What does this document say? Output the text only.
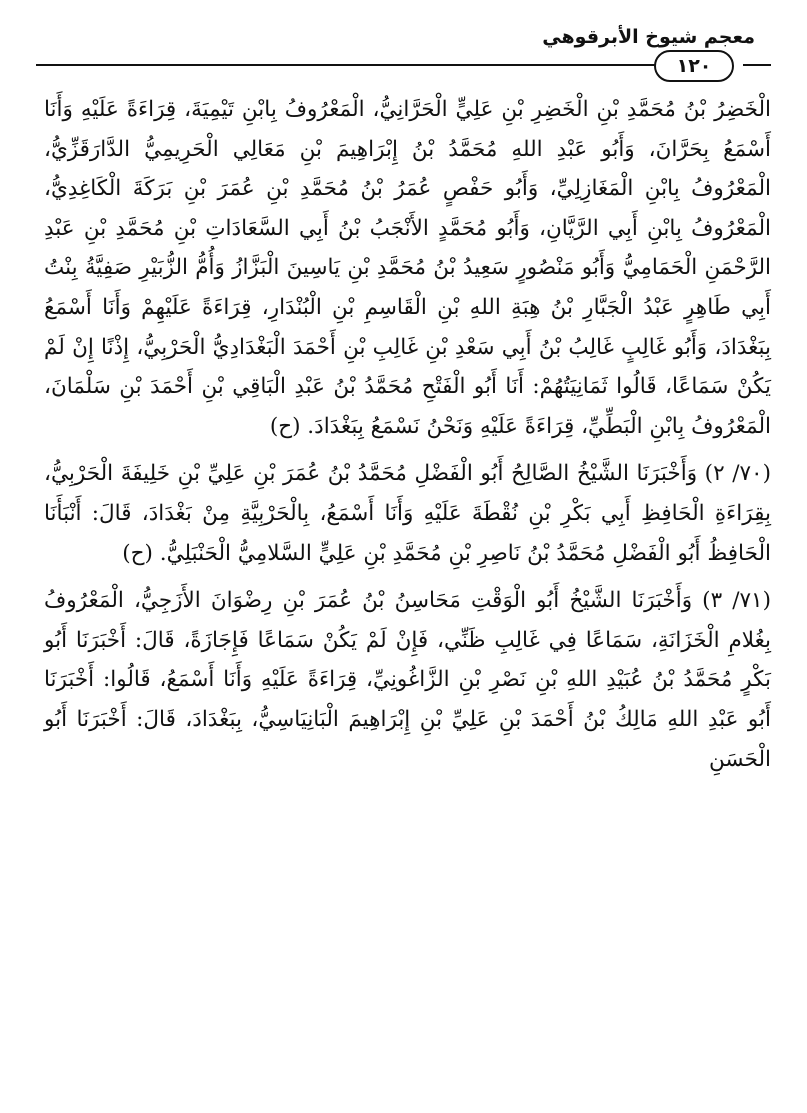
معجم شيوخ الأبرقوهي
١٢٠

الْخَضِرُ بْنُ مُحَمَّدِ بْنِ الْخَضِرِ بْنِ عَلِيٍّ الْحَرَّانِيُّ، الْمَعْرُوفُ بِابْنِ تَيْمِيَةَ، قِرَاءَةً عَلَيْهِ وَأَنَا أَسْمَعُ بِحَرَّانَ، وَأَبُو عَبْدِ اللهِ مُحَمَّدُ بْنُ إِبْرَاهِيمَ بْنِ مَعَالِي الْحَرِيمِيُّ الدَّارَقَزِّيُّ، الْمَعْرُوفُ بِابْنِ الْمَغَازِلِيِّ، وَأَبُو حَفْصٍ عُمَرُ بْنُ مُحَمَّدِ بْنِ عُمَرَ بْنِ بَرَكَةَ الْكَاغِدِيُّ، الْمَعْرُوفُ بِابْنِ أَبِي الرَّيَّانِ، وَأَبُو مُحَمَّدٍ الأَنْجَبُ بْنُ أَبِي السَّعَادَاتِ بْنِ مُحَمَّدِ بْنِ عَبْدِ الرَّحْمَنِ الْحَمَامِيُّ وَأَبُو مَنْصُورٍ سَعِيدُ بْنُ مُحَمَّدِ بْنِ يَاسِينَ الْبَزَّازُ وَأُمُّ الزُّبَيْرِ صَفِيَّةُ بِنْتُ أَبِي طَاهِرٍ عَبْدُ الْجَبَّارِ بْنُ هِبَةِ اللهِ بْنِ الْقَاسِمِ بْنِ الْبُنْدَارِ، قِرَاءَةً عَلَيْهِمْ وَأَنَا أَسْمَعُ بِبَغْدَادَ، وَأَبُو غَالِبٍ غَالِبُ بْنُ أَبِي سَعْدِ بْنِ غَالِبِ بْنِ أَحْمَدَ الْبَغْدَادِيُّ الْحَرْبِيُّ، إِذْنًا إِنْ لَمْ يَكُنْ سَمَاعًا، قَالُوا ثَمَانِيَتُهُمْ: أَنَا أَبُو الْفَتْحِ مُحَمَّدُ بْنُ عَبْدِ الْبَاقِي بْنِ أَحْمَدَ بْنِ سَلْمَانَ، الْمَعْرُوفُ بِابْنِ الْبَطِّيِّ، قِرَاءَةً عَلَيْهِ وَنَحْنُ نَسْمَعُ بِبَغْدَادَ. (ح)

(٧٠/ ٢) وَأَخْبَرَنَا الشَّيْخُ الصَّالِحُ أَبُو الْفَضْلِ مُحَمَّدُ بْنُ عُمَرَ بْنِ عَلِيِّ بْنِ خَلِيفَةَ الْحَرْبِيُّ، بِقِرَاءَةِ الْحَافِظِ أَبِي بَكْرِ بْنِ نُقْطَةَ عَلَيْهِ وَأَنَا أَسْمَعُ، بِالْحَرْبِيَّةِ مِنْ بَغْدَادَ، قَالَ: أَنْبَأَنَا الْحَافِظُ أَبُو الْفَضْلِ مُحَمَّدُ بْنُ نَاصِرِ بْنِ مُحَمَّدِ بْنِ عَلِيٍّ السَّلامِيُّ الْحَنْبَلِيُّ. (ح)

(٧١/ ٣) وَأَخْبَرَنَا الشَّيْخُ أَبُو الْوَقْتِ مَحَاسِنُ بْنُ عُمَرَ بْنِ رِضْوَانَ الأَزَجِيُّ، الْمَعْرُوفُ بِغُلامِ الْخَزَانَةِ، سَمَاعًا فِي غَالِبِ ظَنِّي، فَإِنْ لَمْ يَكُنْ سَمَاعًا فَإِجَازَةً، قَالَ: أَخْبَرَنَا أَبُو بَكْرٍ مُحَمَّدُ بْنُ عُبَيْدِ اللهِ بْنِ نَصْرِ بْنِ الزَّاغُونِيِّ، قِرَاءَةً عَلَيْهِ وَأَنَا أَسْمَعُ، قَالُوا: أَخْبَرَنَا أَبُو عَبْدِ اللهِ مَالِكُ بْنُ أَحْمَدَ بْنِ عَلِيِّ بْنِ إِبْرَاهِيمَ الْبَانِيَاسِيُّ، بِبَغْدَادَ، قَالَ: أَخْبَرَنَا أَبُو الْحَسَنِ
